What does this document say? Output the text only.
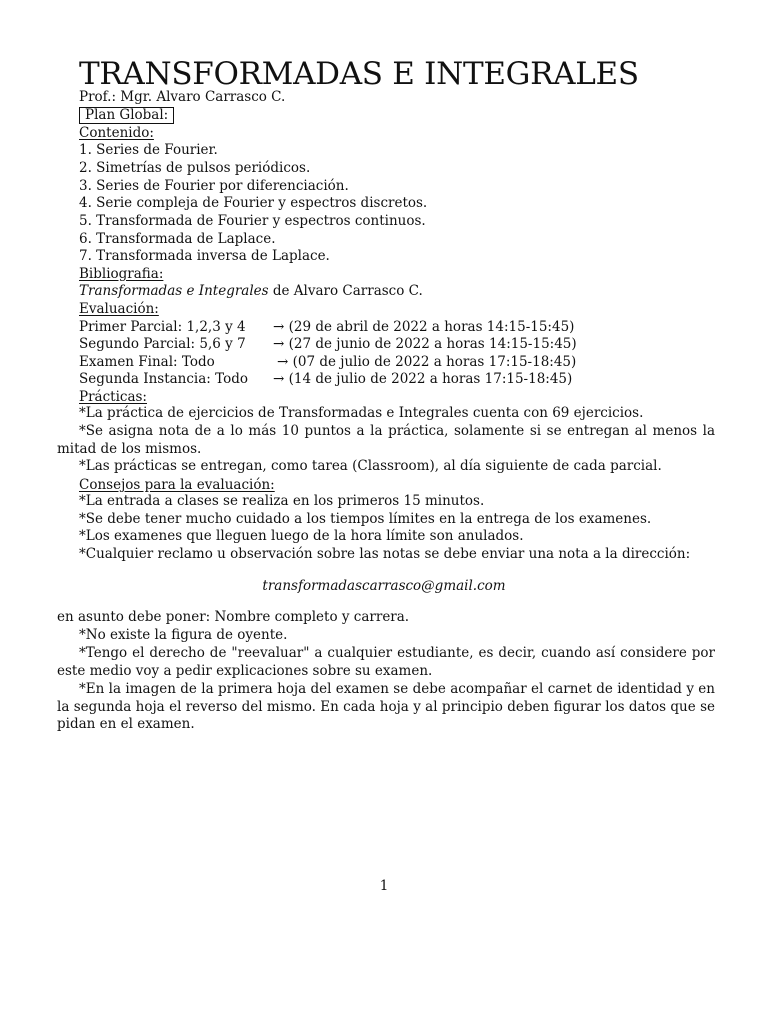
TRANSFORMADAS E INTEGRALES
Prof.: Mgr. Alvaro Carrasco C.
Plan Global:
Contenido:
1. Series de Fourier.
2. Simetrías de pulsos periódicos.
3. Series de Fourier por diferenciación.
4. Serie compleja de Fourier y espectros discretos.
5. Transformada de Fourier y espectros continuos.
6. Transformada de Laplace.
7. Transformada inversa de Laplace.
Bibliografia:
Transformadas e Integrales de Alvaro Carrasco C.
Evaluación:
Primer Parcial: 1,2,3 y 4 → (29 de abril de 2022 a horas 14:15-15:45)
Segundo Parcial: 5,6 y 7 → (27 de junio de 2022 a horas 14:15-15:45)
Examen Final: Todo	→ (07 de julio de 2022 a horas 17:15-18:45)
Segunda Instancia: Todo → (14 de julio de 2022 a horas 17:15-18:45)
Prácticas:
*La práctica de ejercicios de Transformadas e Integrales cuenta con 69 ejercicios.
*Se asigna nota de a lo más 10 puntos a la práctica, solamente si se entregan al menos la mitad de los mismos.
*Las prácticas se entregan, como tarea (Classroom), al día siguiente de cada parcial.
Consejos para la evaluación:
*La entrada a clases se realiza en los primeros 15 minutos.
*Se debe tener mucho cuidado a los tiempos límites en la entrega de los examenes.
*Los examenes que lleguen luego de la hora límite son anulados.
*Cualquier reclamo u observación sobre las notas se debe enviar una nota a la dirección:
transformadascarrasco@gmail.com
en asunto debe poner: Nombre completo y carrera.
*No existe la figura de oyente.
*Tengo el derecho de "reevaluar" a cualquier estudiante, es decir, cuando así considere por este medio voy a pedir explicaciones sobre su examen.
*En la imagen de la primera hoja del examen se debe acompañar el carnet de identidad y en la segunda hoja el reverso del mismo. En cada hoja y al principio deben figurar los datos que se pidan en el examen.
1
